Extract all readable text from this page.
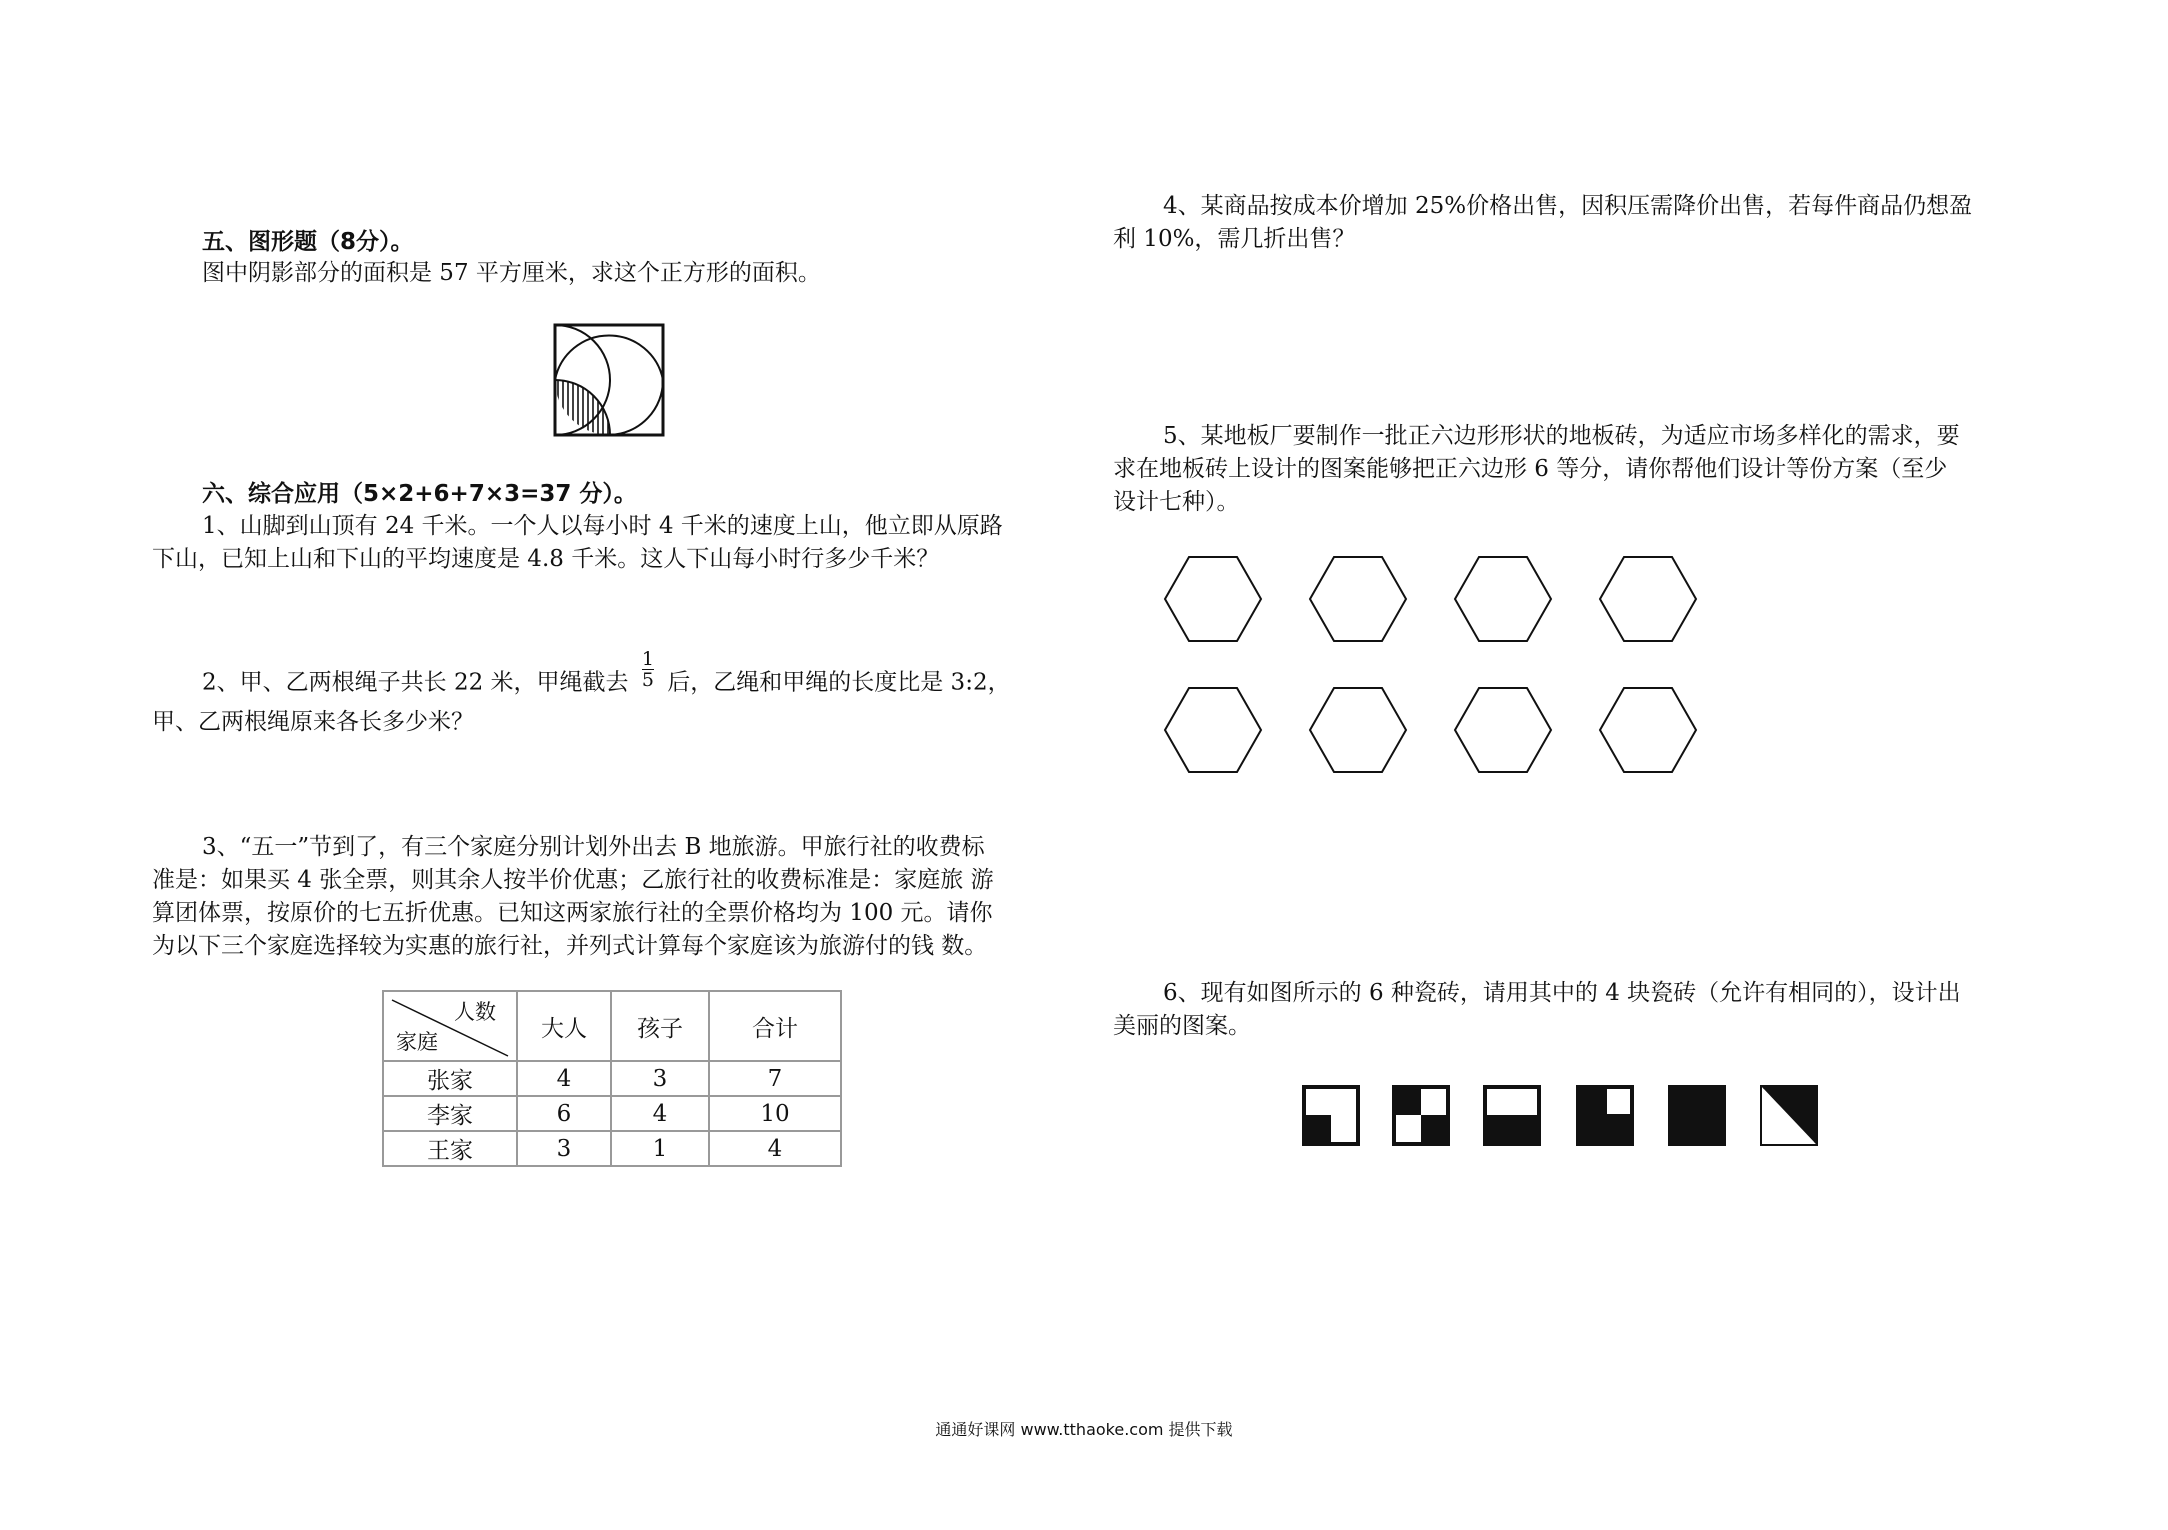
五、图形题（8分）。
图中阴影部分的面积是 57 平方厘米，求这个正方形的面积。
六、综合应用（5×2+6+7×3=37 分）。
1、山脚到山顶有 24 千米。一个人以每小时 4 千米的速度上山，他立即从原路
下山，已知上山和下山的平均速度是 4.8 千米。这人下山每小时行多少千米？
2、甲、乙两根绳子共长 22 米，甲绳截去 $\frac{1}{5}$ 后，乙绳和甲绳的长度比是 3:2，
甲、乙两根绳原来各长多少米？
3、“五一”节到了，有三个家庭分别计划外出去 B 地旅游。甲旅行社的收费标
准是：如果买 4 张全票，则其余人按半价优惠；乙旅行社的收费标准是：家庭旅 游
算团体票，按原价的七五折优惠。已知这两家旅行社的全票价格均为 100 元。请你
为以下三个家庭选择较为实惠的旅行社，并列式计算每个家庭该为旅游付的钱 数。
人数
家庭	大人	孩子	合计
张家	4	3	7
李家	6	4	10
王家	3	1	4
4、某商品按成本价增加 25%价格出售，因积压需降价出售，若每件商品仍想盈
利 10%，需几折出售？
5、某地板厂要制作一批正六边形形状的地板砖，为适应市场多样化的需求，要
求在地板砖上设计的图案能够把正六边形 6 等分，请你帮他们设计等份方案（至少
设计七种）。
6、现有如图所示的 6 种瓷砖，请用其中的 4 块瓷砖（允许有相同的），设计出
美丽的图案。
通通好课网 www.tthaoke.com 提供下载
